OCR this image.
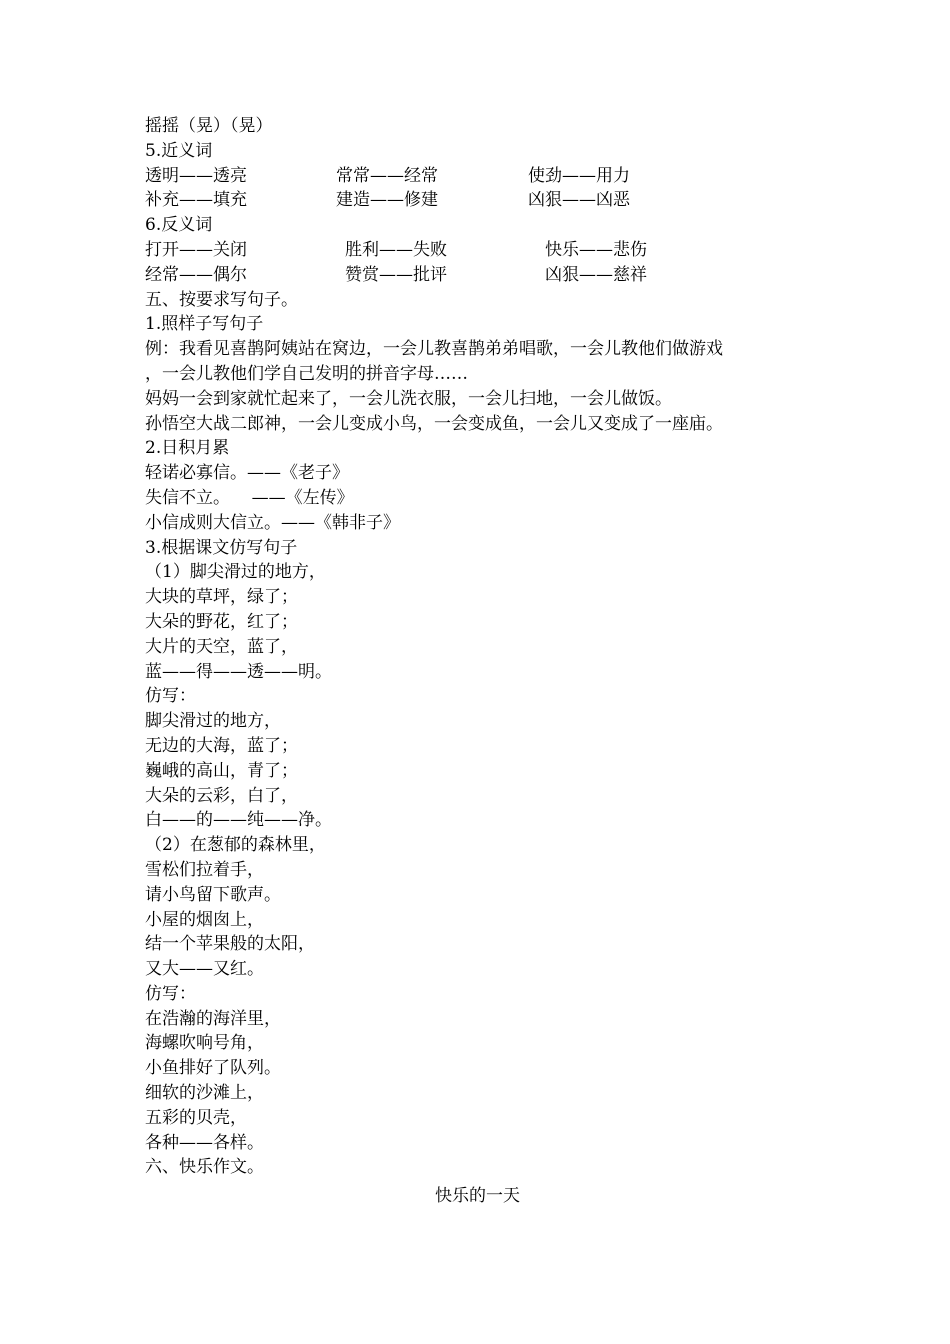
摇摇（晃）（晃）
5.近义词
透明——透亮	常常——经常	使劲——用力
补充——填充	建造——修建	凶狠——凶恶
6.反义词
打开——关闭	胜利——失败	快乐——悲伤
经常——偶尔	赞赏——批评	凶狠——慈祥
五、按要求写句子。
1.照样子写句子
例：我看见喜鹊阿姨站在窝边，一会儿教喜鹊弟弟唱歌，一会儿教他们做游戏
，一会儿教他们学自己发明的拼音字母……
妈妈一会到家就忙起来了，一会儿洗衣服，一会儿扫地，一会儿做饭。
孙悟空大战二郎神，一会儿变成小鸟，一会变成鱼，一会儿又变成了一座庙。
2.日积月累
轻诺必寡信。——《老子》
失信不立。    ——《左传》
小信成则大信立。——《韩非子》
3.根据课文仿写句子
（1）脚尖滑过的地方，
大块的草坪，绿了；
大朵的野花，红了；
大片的天空，蓝了，
蓝——得——透——明。
仿写：
脚尖滑过的地方，
无边的大海，蓝了；
巍峨的高山，青了；
大朵的云彩，白了，
白——的——纯——净。
（2）在葱郁的森林里，
雪松们拉着手，
请小鸟留下歌声。
小屋的烟囱上，
结一个苹果般的太阳，
又大——又红。
仿写：
在浩瀚的海洋里，
海螺吹响号角，
小鱼排好了队列。
细软的沙滩上，
五彩的贝壳，
各种——各样。
六、快乐作文。
快乐的一天
